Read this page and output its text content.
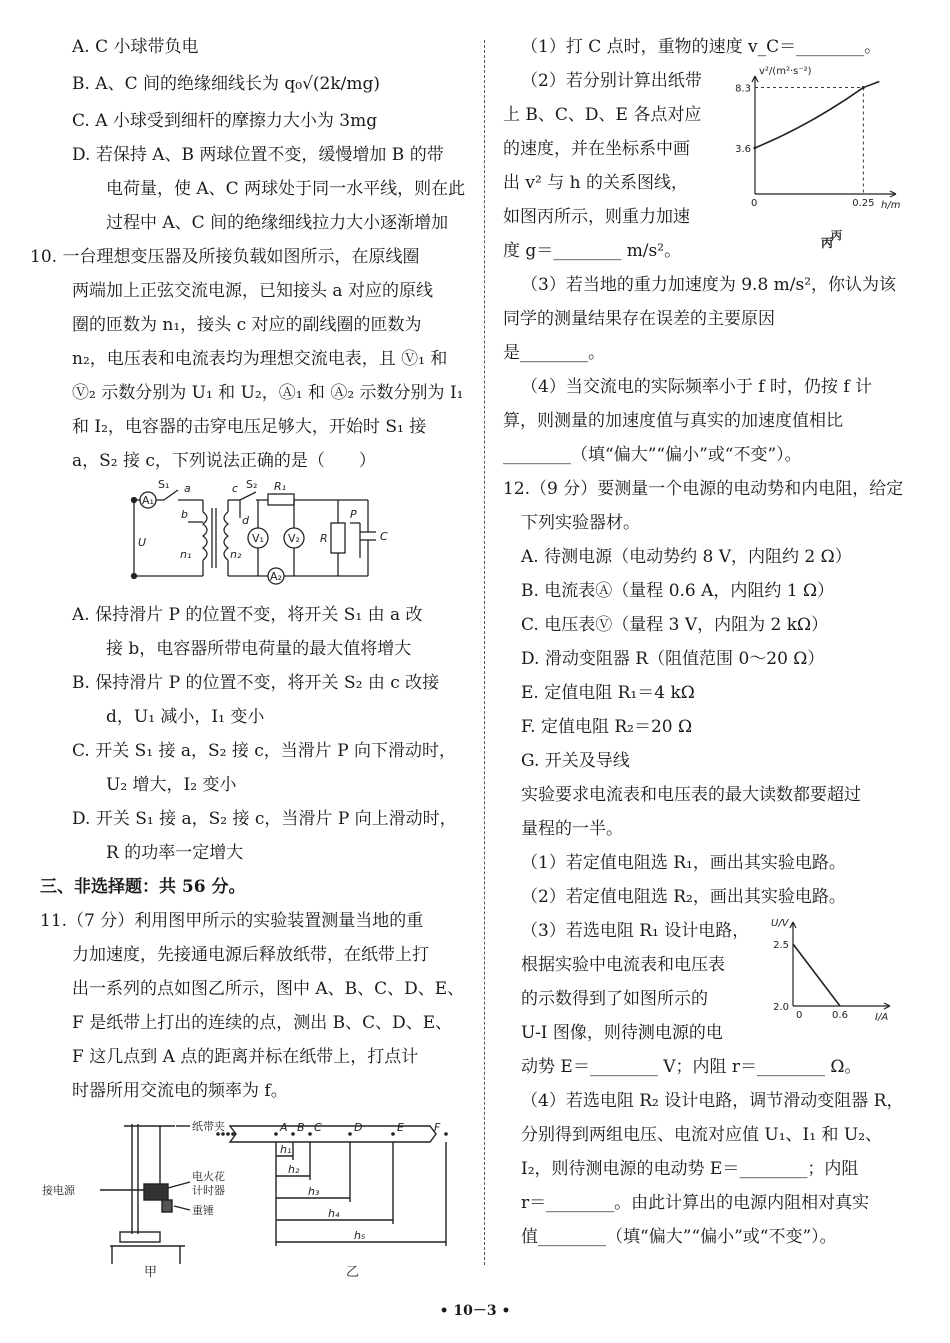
A. C 小球带负电
B. A、C 间的绝缘细线长为 q₀√(2k/mg)
C. A 小球受到细杆的摩擦力大小为 3mg
D. 若保持 A、B 两球位置不变，缓慢增加 B 的带
电荷量，使 A、C 两球处于同一水平线，则在此
过程中 A、C 间的绝缘细线拉力大小逐渐增加
10. 一台理想变压器及所接负载如图所示，在原线圈
两端加上正弦交流电源，已知接头 a 对应的原线
圈的匝数为 n₁，接头 c 对应的副线圈的匝数为
n₂，电压表和电流表均为理想交流电表，且 Ⓥ₁ 和
Ⓥ₂ 示数分别为 U₁ 和 U₂，Ⓐ₁ 和 Ⓐ₂ 示数分别为 I₁
和 I₂，电容器的击穿电压足够大，开始时 S₁ 接
a，S₂ 接 c，下列说法正确的是（　　）
A₁
S₁ a
b
U
n₁	n₂
c
d
S₂ R₁
V₁ V₂
A₂
R
P
C
A. 保持滑片 P 的位置不变，将开关 S₁ 由 a 改
接 b，电容器所带电荷量的最大值将增大
B. 保持滑片 P 的位置不变，将开关 S₂ 由 c 改接
d，U₁ 减小，I₁ 变小
C. 开关 S₁ 接 a，S₂ 接 c，当滑片 P 向下滑动时，
U₂ 增大，I₂ 变小
D. 开关 S₁ 接 a，S₂ 接 c，当滑片 P 向上滑动时，
R 的功率一定增大
三、非选择题：共 56 分。
11.（7 分）利用图甲所示的实验装置测量当地的重
力加速度，先接通电源后释放纸带，在纸带上打
出一系列的点如图乙所示，图中 A、B、C、D、E、
F 是纸带上打出的连续的点，测出 B、C、D、E、
F 这几点到 A 点的距离并标在纸带上，打点计
时器所用交流电的频率为 f。
纸带夹
接电源
电火花
计时器
重锤
甲
A B C	D	E	F
h₁
h₂
h₃
h₄
h₅
乙
（1）打 C 点时，重物的速度 v_C＝________。
（2）若分别计算出纸带
上 B、C、D、E 各点对应
的速度，并在坐标系中画
出 v² 与 h 的关系图线，
如图丙所示，则重力加速
度 g＝________ m/s²。
v²/(m²·s⁻²)
h/m
0
8.3
3.6
0.25
丙
丙
（3）若当地的重力加速度为 9.8 m/s²，你认为该
同学的测量结果存在误差的主要原因
是________。
（4）当交流电的实际频率小于 f 时，仍按 f 计
算，则测量的加速度值与真实的加速度值相比
________（填“偏大”“偏小”或“不变”）。
12.（9 分）要测量一个电源的电动势和内电阻，给定
下列实验器材。
A. 待测电源（电动势约 8 V，内阻约 2 Ω）
B. 电流表Ⓐ（量程 0.6 A，内阻约 1 Ω）
C. 电压表Ⓥ（量程 3 V，内阻为 2 kΩ）
D. 滑动变阻器 R（阻值范围 0～20 Ω）
E. 定值电阻 R₁＝4 kΩ
F. 定值电阻 R₂＝20 Ω
G. 开关及导线
实验要求电流表和电压表的最大读数都要超过
量程的一半。
（1）若定值电阻选 R₁，画出其实验电路。
（2）若定值电阻选 R₂，画出其实验电路。
（3）若选电阻 R₁ 设计电路，
根据实验中电流表和电压表
的示数得到了如图所示的
U-I 图像，则待测电源的电
动势 E＝________ V；内阻 r＝________ Ω。
U/V
I/A
2.5
2.0
0	0.6
（4）若选电阻 R₂ 设计电路，调节滑动变阻器 R，
分别得到两组电压、电流对应值 U₁、I₁ 和 U₂、
I₂，则待测电源的电动势 E＝________；内阻
r＝________。由此计算出的电源内阻相对真实
值________（填“偏大”“偏小”或“不变”）。
• 10－3 •
